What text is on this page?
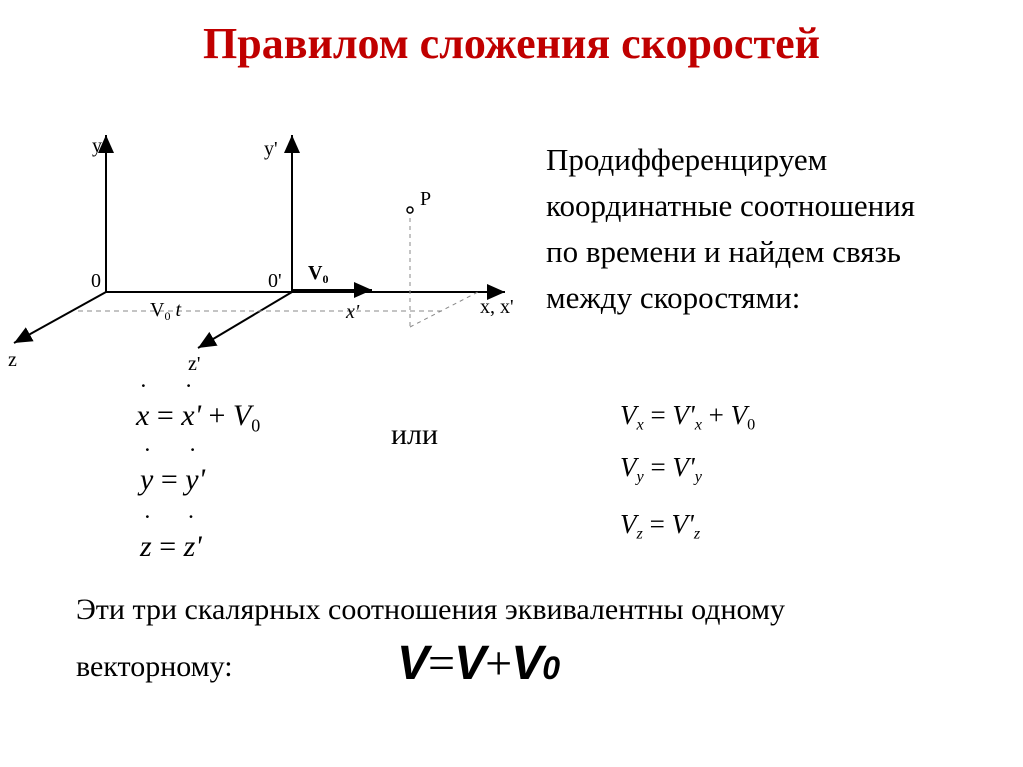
Правилом сложения скоростей
y	y'
0	0'
z	z'
x, x'
P
$V_0$
$V_0$ t	x'
Продифференцируем
координатные соотношения
по времени и найдем связь
между скоростями:
˙ x = ˙ $x' + V_0$
˙ y = ˙ y'
˙ z = ˙ z'
или
$V_x = V'_x + V_0$
$V_y = V'_y$
$V_z = V'_z$
Эти три скалярных соотношения эквивалентны одному
векторному:	V=V+V0
